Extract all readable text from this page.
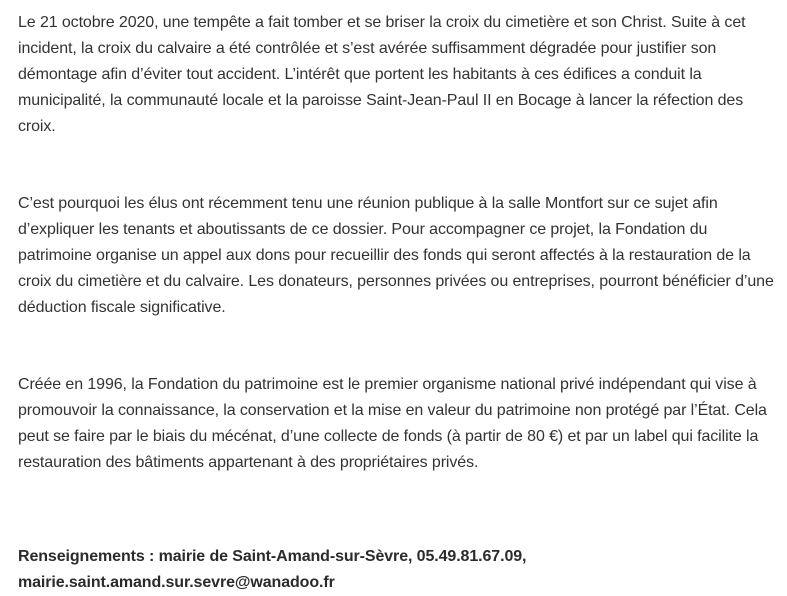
Le 21 octobre 2020, une tempête a fait tomber et se briser la croix du cimetière et son Christ. Suite à cet incident, la croix du calvaire a été contrôlée et s’est avérée suffisamment dégradée pour justifier son démontage afin d’éviter tout accident. L’intérêt que portent les habitants à ces édifices a conduit la municipalité, la communauté locale et la paroisse Saint-Jean-Paul II en Bocage à lancer la réfection des croix.

C’est pourquoi les élus ont récemment tenu une réunion publique à la salle Montfort sur ce sujet afin d’expliquer les tenants et aboutissants de ce dossier. Pour accompagner ce projet, la Fondation du patrimoine organise un appel aux dons pour recueillir des fonds qui seront affectés à la restauration de la croix du cimetière et du calvaire. Les donateurs, personnes privées ou entreprises, pourront bénéficier d’une déduction fiscale significative.

Créée en 1996, la Fondation du patrimoine est le premier organisme national privé indépendant qui vise à promouvoir la connaissance, la conservation et la mise en valeur du patrimoine non protégé par l’État. Cela peut se faire par le biais du mécénat, d’une collecte de fonds (à partir de 80 €) et par un label qui facilite la restauration des bâtiments appartenant à des propriétaires privés.

Renseignements : mairie de Saint-Amand-sur-Sèvre, 05.49.81.67.09, mairie.saint.amand.sur.sevre@wanadoo.fr
